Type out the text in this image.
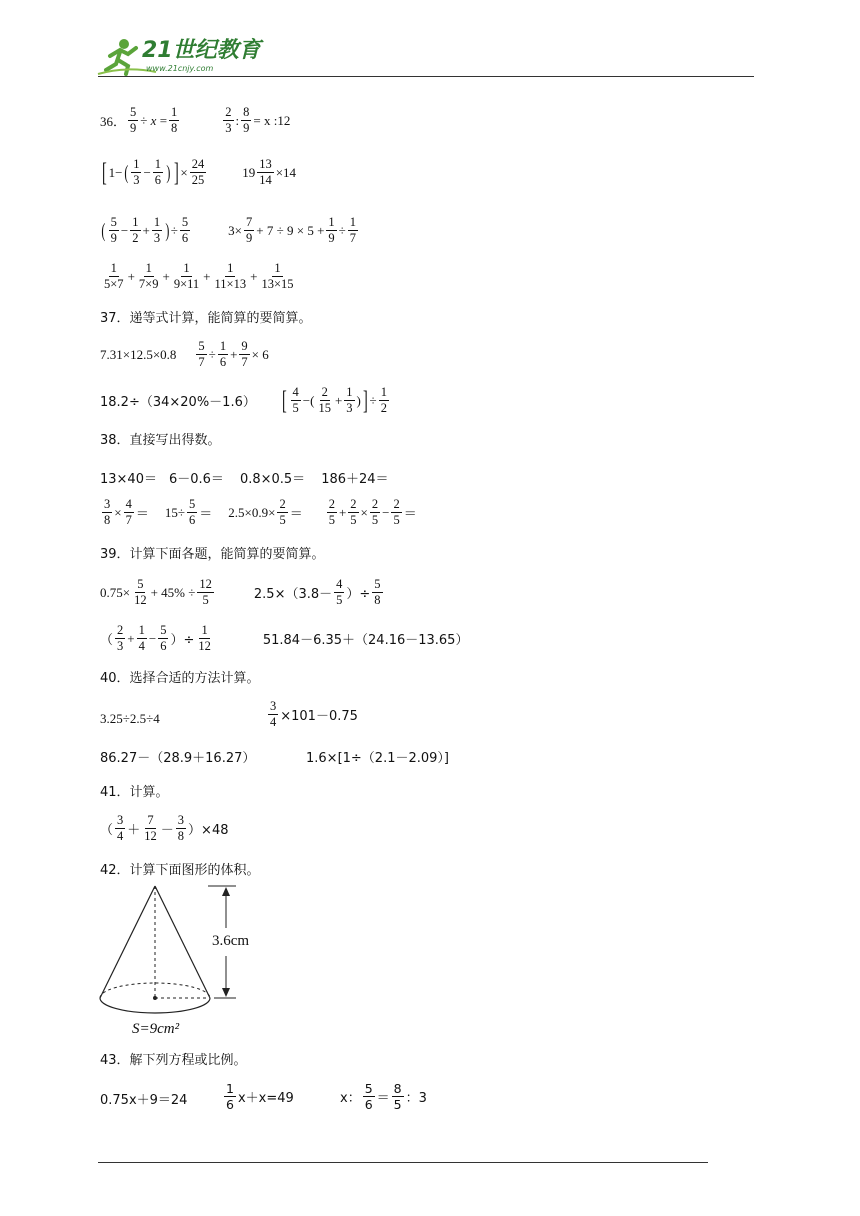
21世纪教育
www.21cnjy.com
36． $\frac{5}{9}$ ÷
x
= $\frac{1}{8}$	$\frac{2}{3}$ : $\frac{8}{9} = x$ :12
[ 1− ( $\frac{1}{3} - \frac{1}{6}$ ) ] × $\frac{24}{25}$	$19 \frac{13}{14} \times 14$
( $\frac{5}{9} - \frac{1}{2} + \frac{1}{3}$ ) ÷ $\frac{5}{6}$	$3\times \frac{7}{9} + 7 \div 9 \times 5 + \frac{1}{9} \div \frac{1}{7}$
$\frac{1}{5\times 7} + \frac{1}{7\times 9} + \frac{1}{9\times 11} + \frac{1}{11\times 13} + \frac{1}{13\times 15}$
37．递等式计算，能简算的要简算。
$7.31\times 12.5\times 0.8 \frac{5}{7} \div \frac{1}{6} + \frac{9}{7} \times 6$
18.2÷（34×20%－1.6） [ $\frac{4}{5}$ −( $\frac{2}{15} + \frac{1}{3}$ ) ] ÷ $\frac{1}{2}$
38．直接写出得数。
13×40＝ 6－0.6＝ 0.8×0.5＝ 186＋24＝
$\frac{3}{8} \times \frac{4}{7} = 15\div \frac{5}{6} = 2.5\times 0.9\times \frac{2}{5} = \frac{2}{5} + \frac{2}{5} \times \frac{2}{5} - \frac{2}{5}$ ＝
39．计算下面各题，能简算的要简算。
$0.75\times \frac{5}{12} + 45\% \div \frac{12}{5}$	$2.5\times(3.8- \frac{4}{5}$ ）÷ $\frac{5}{8}$
（ $\frac{2}{3} + \frac{1}{4} - \frac{5}{6}$ ）÷ $\frac{1}{12}$	51.84－6.35＋（24.16－13.65）
40．选择合适的方法计算。
3.25÷2.5÷4	$\frac{3}{4} \times 101-0.75$
86.27－（28.9＋16.27）	1.6×[1÷（2.1－2.09）]
41．计算。
（ $\frac{3}{4} + \frac{7}{12} - \frac{3}{8} )\times 48$
42．计算下面图形的体积。
3.6cm
S=9cm²
43．解下列方程或比例。
0.75x＋9＝24	$\frac{1}{6} x+x=49$	x： $\frac{5}{6} = \frac{8}{5}$ ：3
